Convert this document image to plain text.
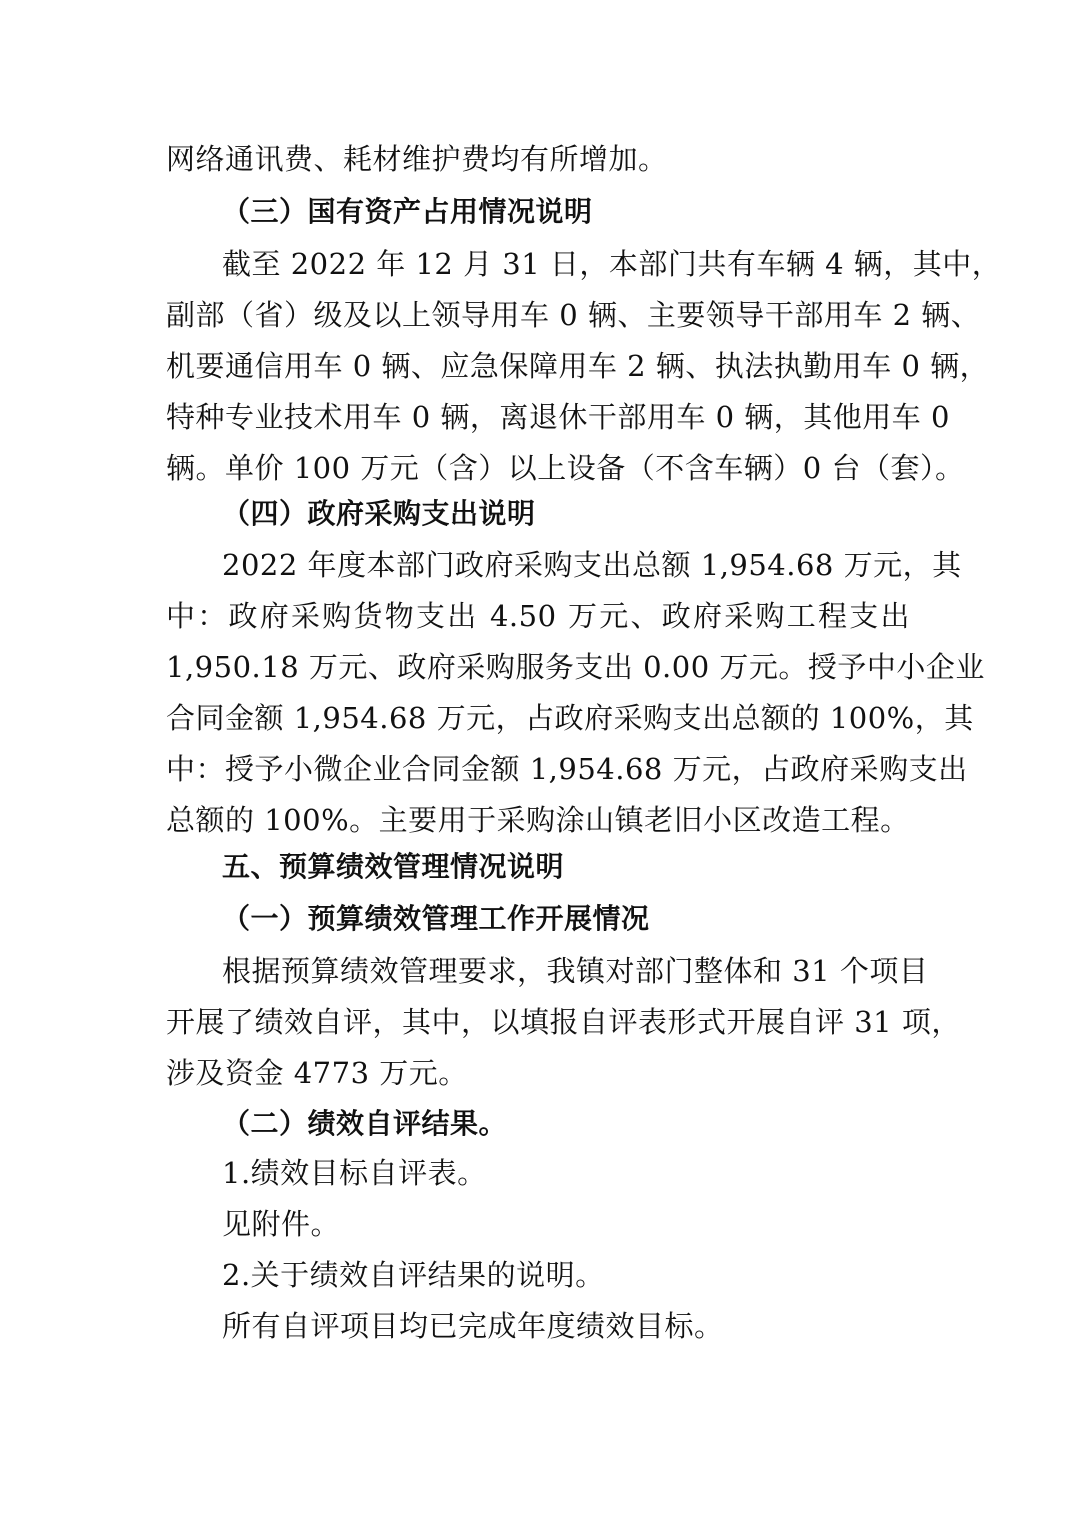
网络通讯费、耗材维护费均有所增加。
（三）国有资产占用情况说明
截至 2022 年 12 月 31 日，本部门共有车辆 4 辆，其中，
副部（省）级及以上领导用车 0 辆、主要领导干部用车 2 辆、
机要通信用车 0 辆、应急保障用车 2 辆、执法执勤用车 0 辆，
特种专业技术用车 0 辆，离退休干部用车 0 辆，其他用车 0
辆。单价 100 万元（含）以上设备（不含车辆）0 台（套）。
（四）政府采购支出说明
2022 年度本部门政府采购支出总额 1,954.68 万元，其
中：政府采购货物支出 4.50 万元、政府采购工程支出
1,950.18 万元、政府采购服务支出 0.00 万元。授予中小企业
合同金额 1,954.68 万元，占政府采购支出总额的 100%，其
中：授予小微企业合同金额 1,954.68 万元，占政府采购支出
总额的 100%。主要用于采购涂山镇老旧小区改造工程。
五、预算绩效管理情况说明
（一）预算绩效管理工作开展情况
根据预算绩效管理要求，我镇对部门整体和 31 个项目
开展了绩效自评，其中，以填报自评表形式开展自评 31 项，
涉及资金 4773 万元。
（二）绩效自评结果。
1.绩效目标自评表。
见附件。
2.关于绩效自评结果的说明。
所有自评项目均已完成年度绩效目标。
